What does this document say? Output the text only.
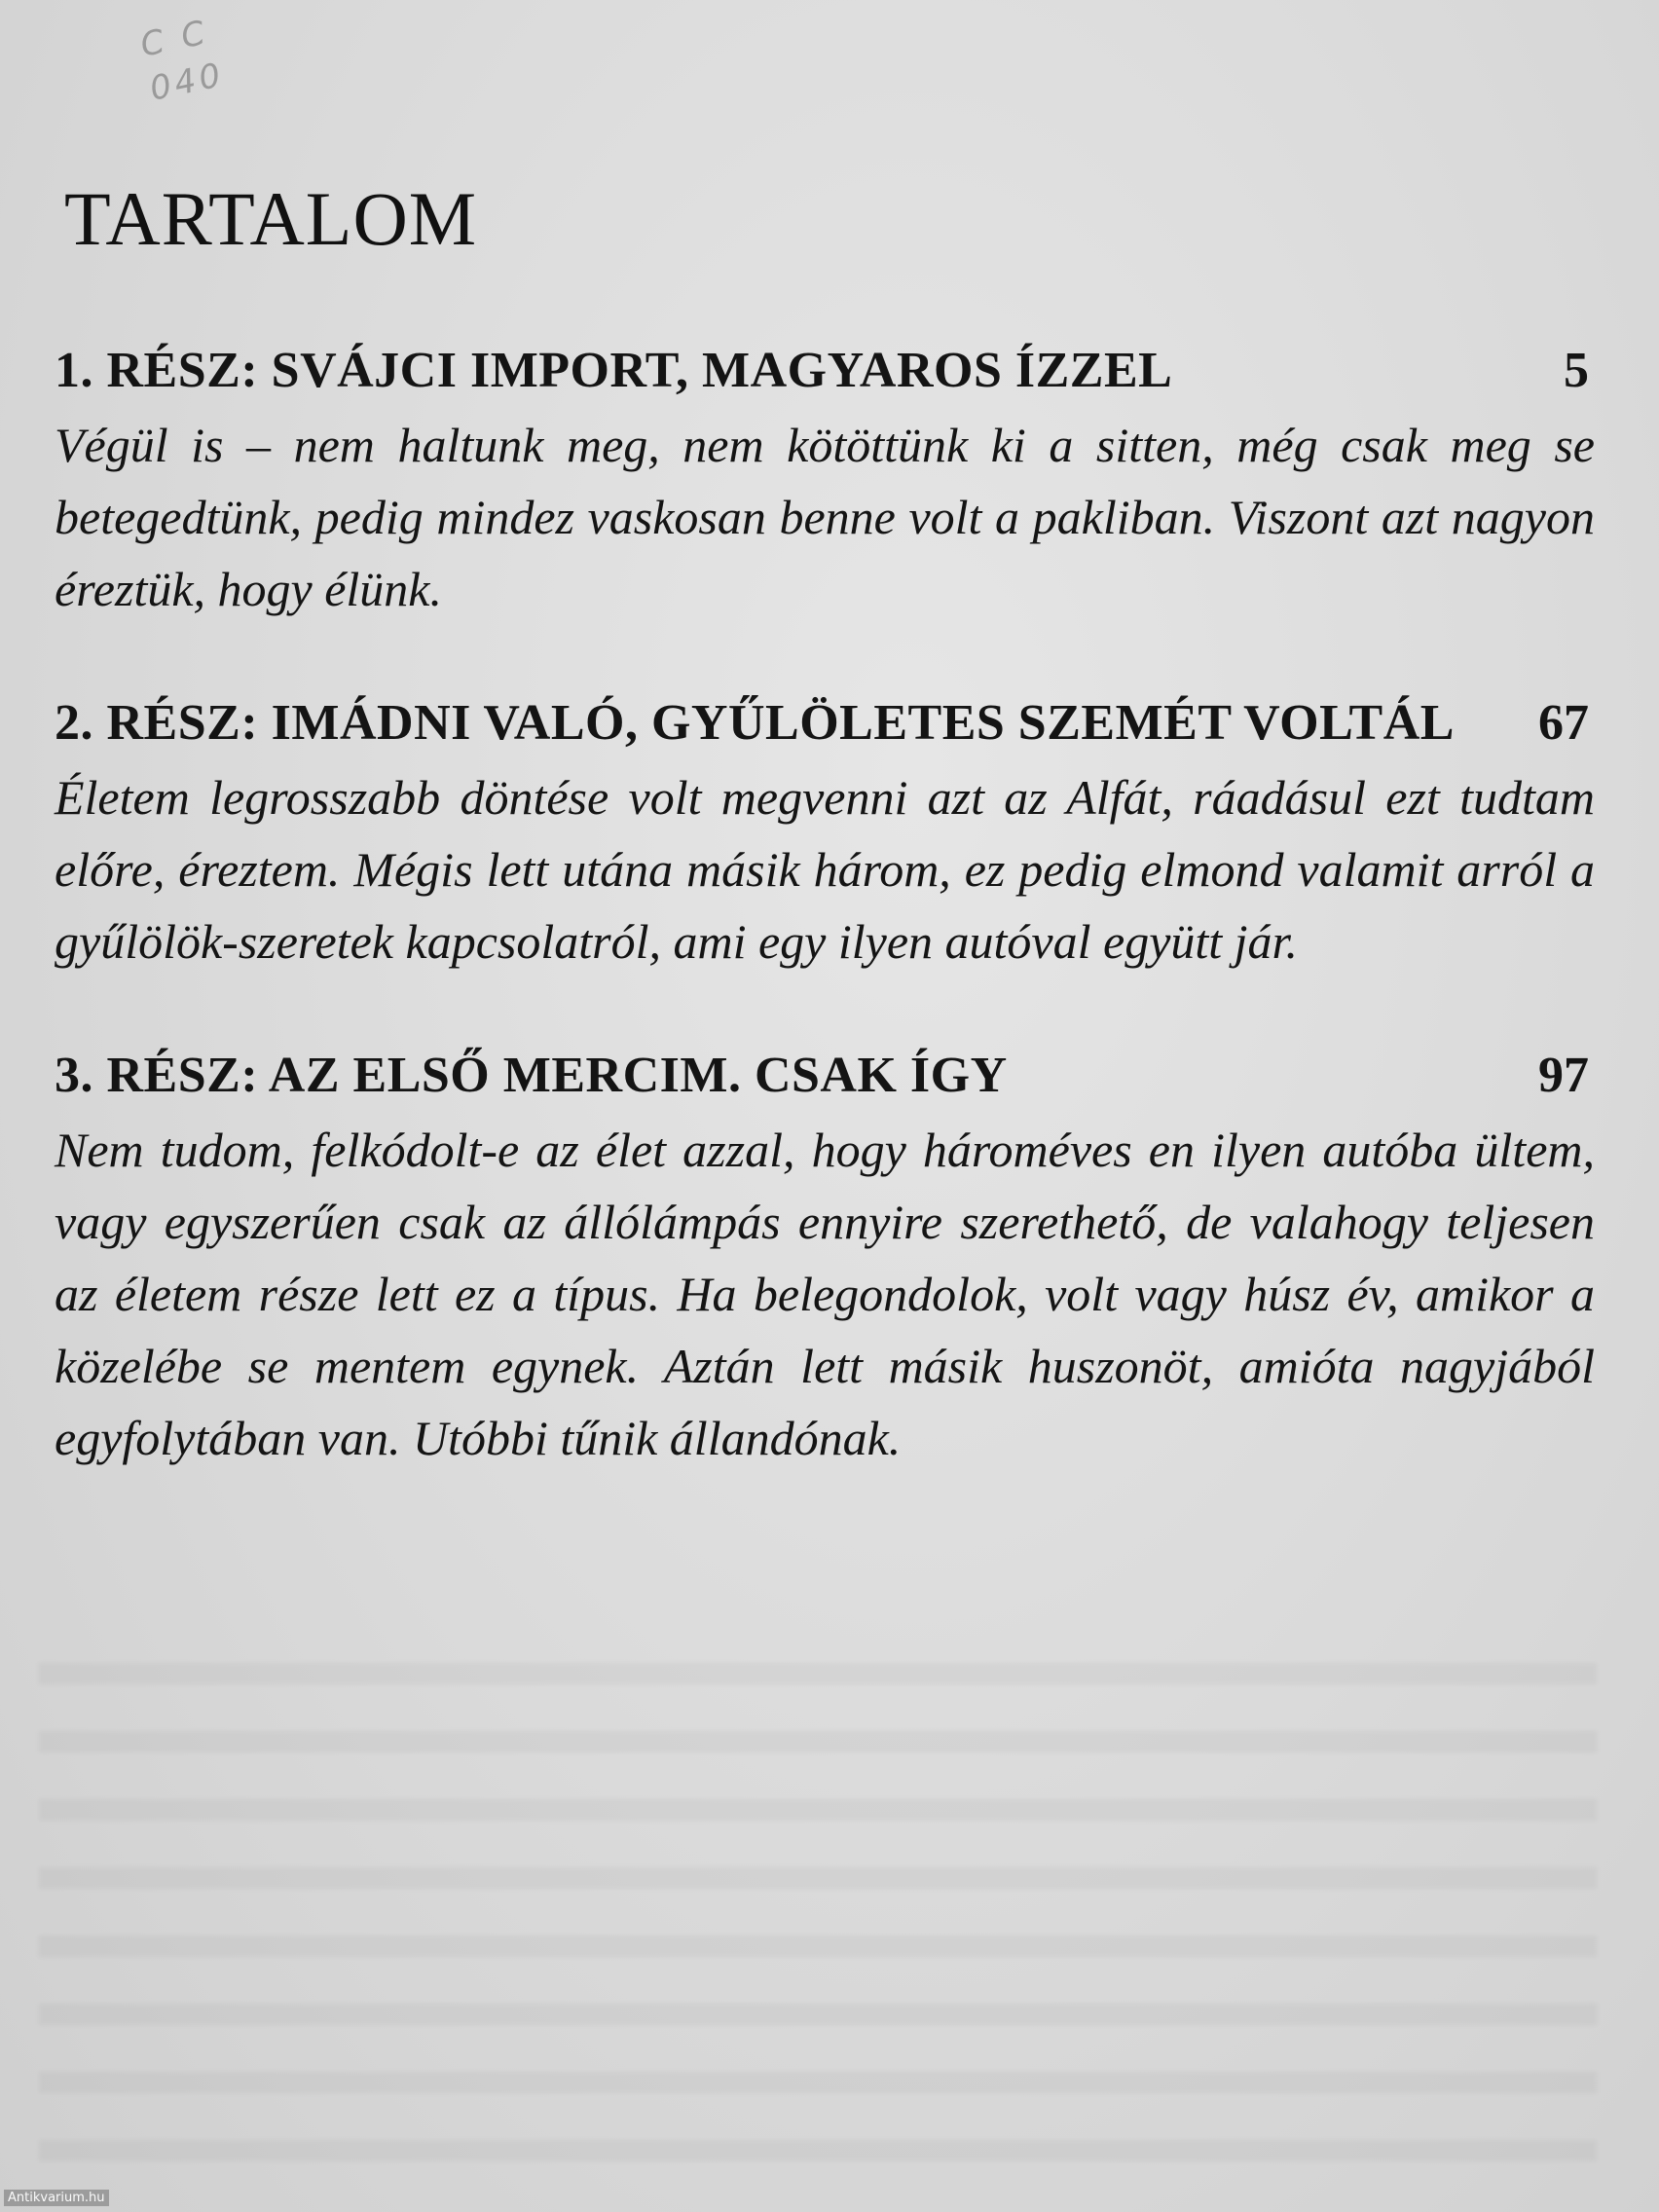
C C
040
TARTALOM
1. RÉSZ: SVÁJCI IMPORT, MAGYAROS ÍZZEL	5

Végül is – nem haltunk meg, nem kötöttünk ki a sitten, még csak meg se betegedtünk, pedig mindez vaskosan benne volt a pakliban. Viszont azt nagyon éreztük, hogy élünk.

2. RÉSZ: IMÁDNI VALÓ, GYŰLÖLETES SZEMÉT VOLTÁL 67

Életem legrosszabb döntése volt megvenni azt az Alfát, ráadásul ezt tudtam előre, éreztem. Mégis lett utána másik három, ez pedig elmond valamit arról a gyűlölök-szeretek kapcsolatról, ami egy ilyen autóval együtt jár.

3. RÉSZ: AZ ELSŐ MERCIM. CSAK ÍGY	97

Nem tudom, felkódolt-e az élet azzal, hogy hároméves en ilyen autóba ültem, vagy egyszerűen csak az állólámpás ennyire szerethető, de valahogy teljesen az életem része lett ez a típus. Ha belegondolok, volt vagy húsz év, amikor a közelébe se mentem egynek. Aztán lett másik huszonöt, amióta nagyjából egyfolytában van. Utóbbi tűnik állandónak.

Antikvarium.hu
